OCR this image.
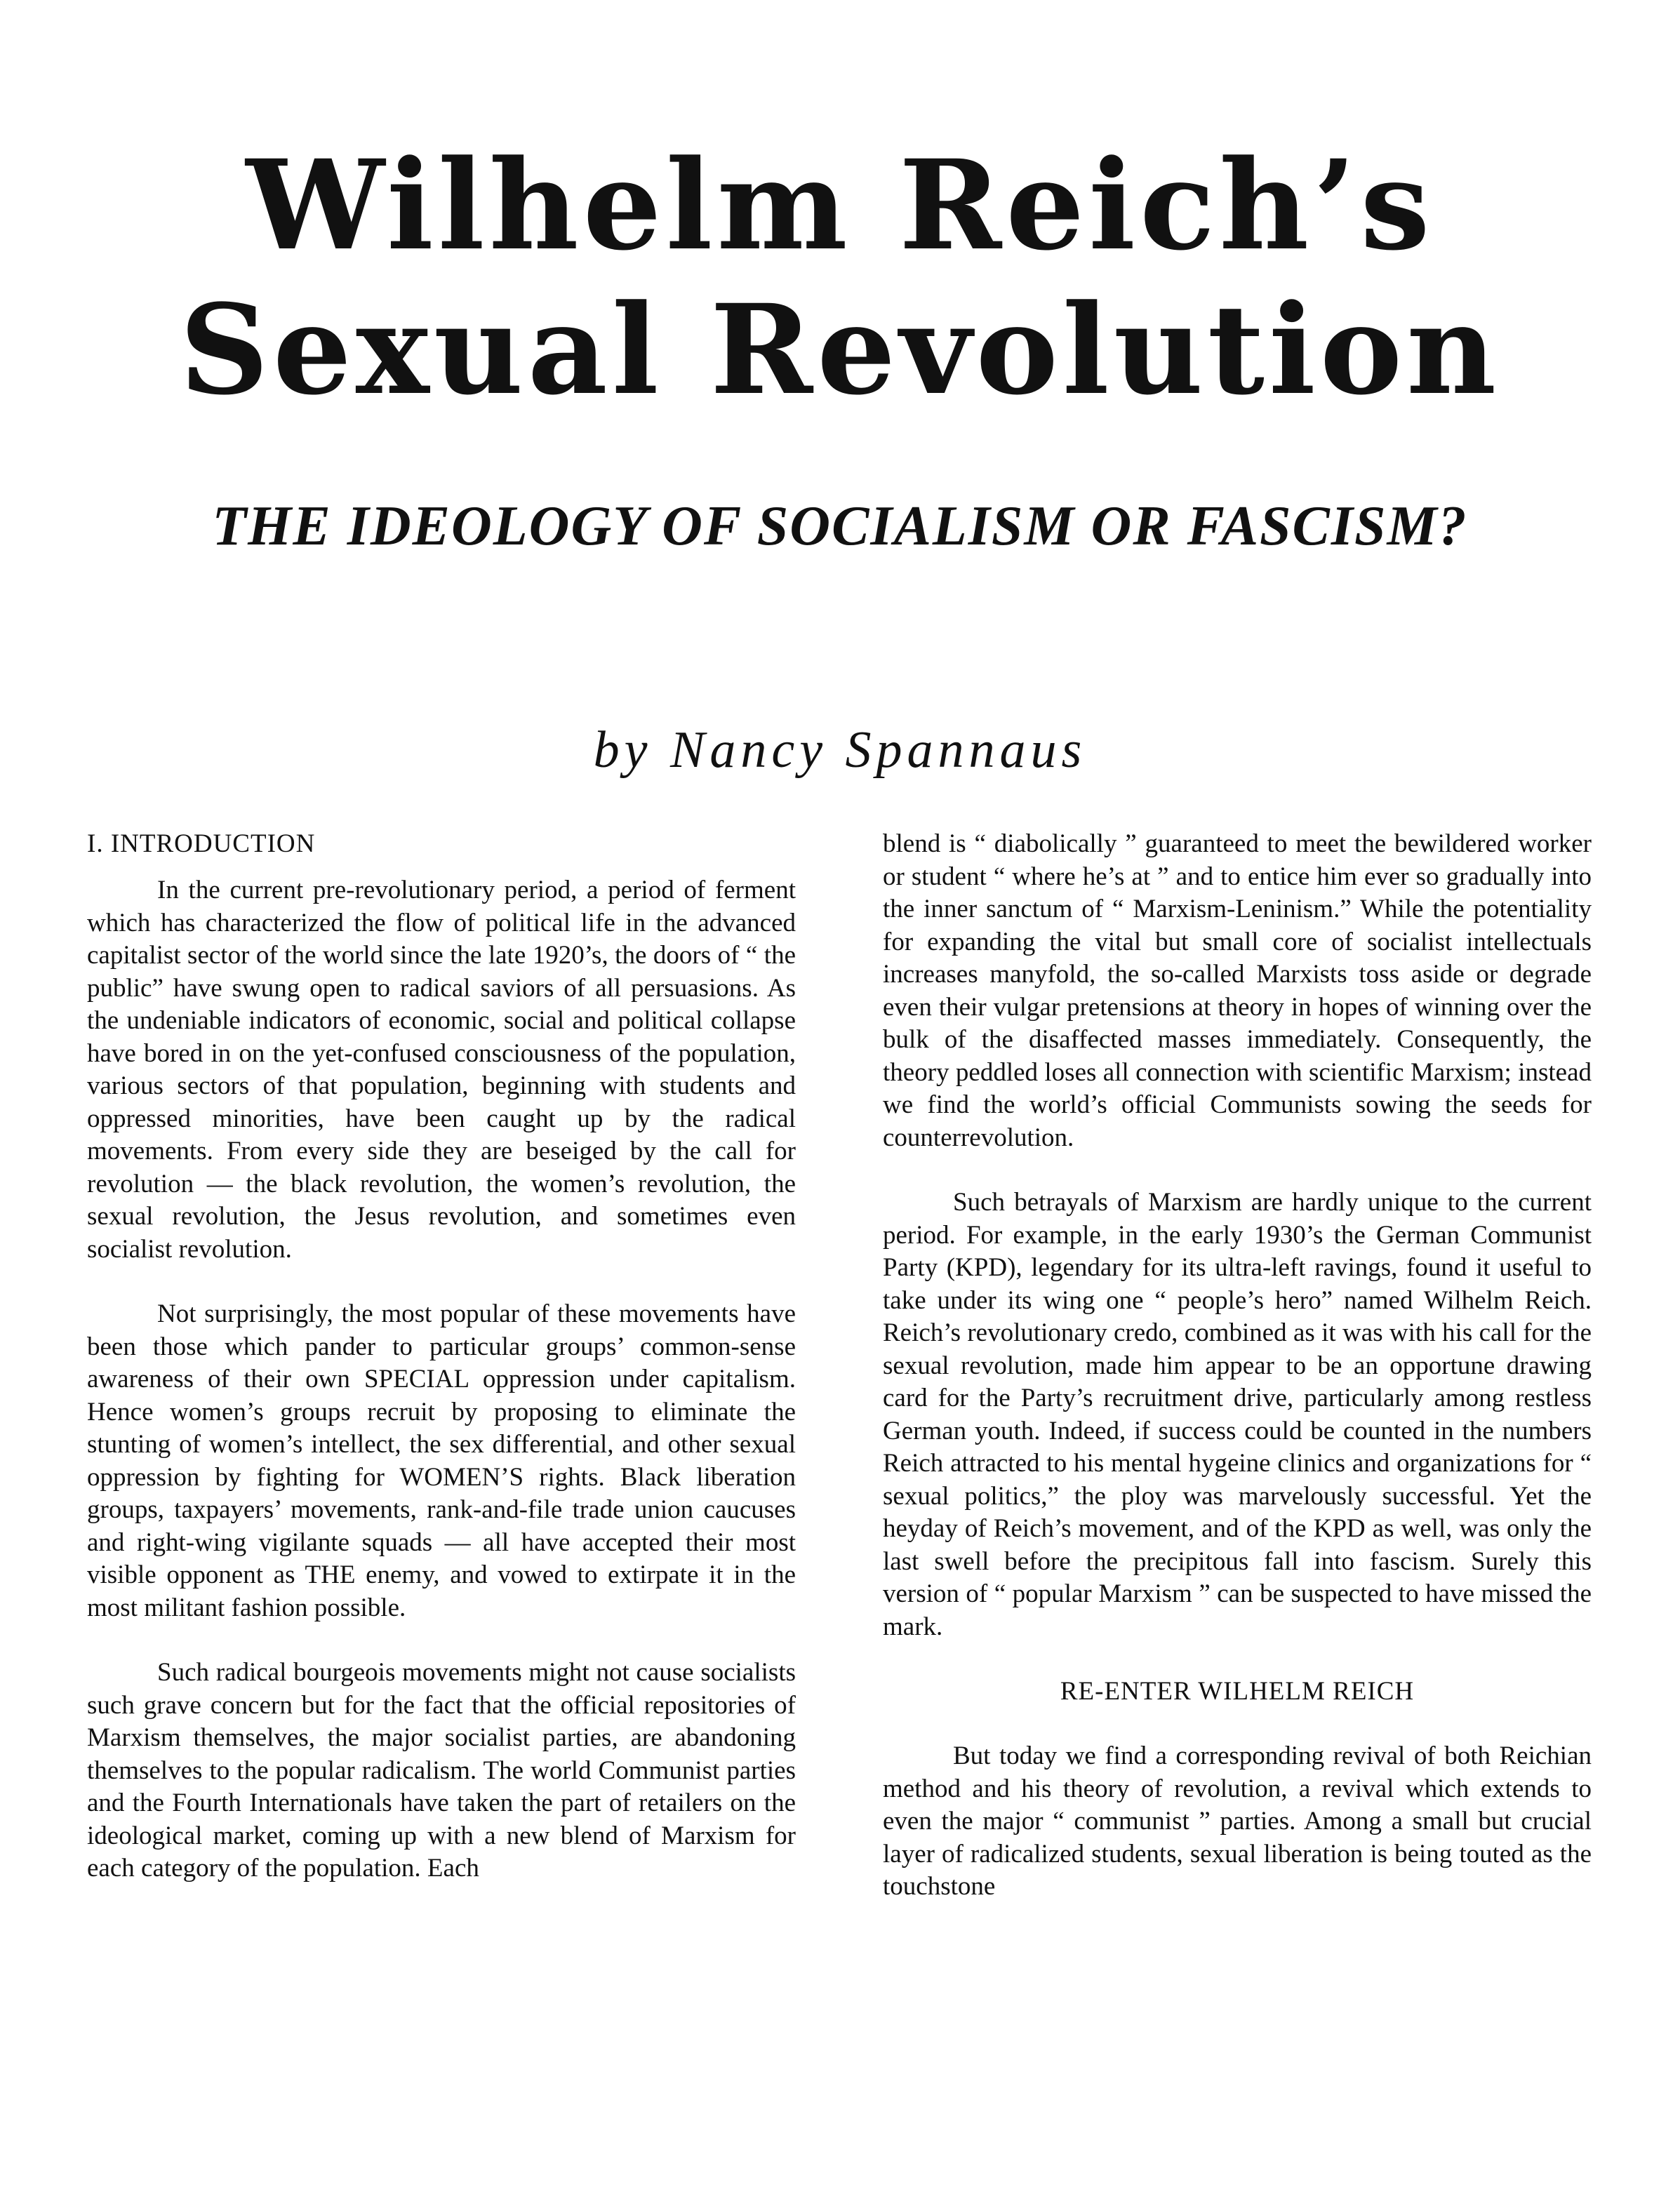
Wilhelm Reich’s
Sexual Revolution
THE IDEOLOGY OF SOCIALISM OR FASCISM?
by Nancy Spannaus
I. INTRODUCTION

In the current pre-revolutionary period, a period of ferment which has characterized the flow of political life in the advanced capitalist sector of the world since the late 1920’s, the doors of “ the public” have swung open to radical saviors of all persuasions. As the undeniable indicators of economic, social and political collapse have bored in on the yet-confused consciousness of the population, various sectors of that population, beginning with students and oppressed minorities, have been caught up by the radical movements. From every side they are beseiged by the call for revolution — the black revolution, the women’s revolution, the sexual revolution, the Jesus revolution, and sometimes even socialist revolution.

Not surprisingly, the most popular of these movements have been those which pander to particular groups’ common-sense awareness of their own SPECIAL oppression under capitalism. Hence women’s groups recruit by proposing to eliminate the stunting of women’s intellect, the sex differential, and other sexual oppression by fighting for WOMEN’S rights. Black liberation groups, taxpayers’ movements, rank-and-file trade union caucuses and right-wing vigilante squads — all have accepted their most visible opponent as THE enemy, and vowed to extirpate it in the most militant fashion possible.

Such radical bourgeois movements might not cause socialists such grave concern but for the fact that the official repositories of Marxism themselves, the major socialist parties, are abandoning themselves to the popular radicalism. The world Communist parties and the Fourth Internationals have taken the part of retailers on the ideological market, coming up with a new blend of Marxism for each category of the population. Each

blend is “ diabolically ” guaranteed to meet the bewildered worker or student “ where he’s at ” and to entice him ever so gradually into the inner sanctum of “ Marxism-Leninism.” While the potentiality for expanding the vital but small core of socialist intellectuals increases manyfold, the so-called Marxists toss aside or degrade even their vulgar pretensions at theory in hopes of winning over the bulk of the disaffected masses immediately. Consequently, the theory peddled loses all connection with scientific Marxism; instead we find the world’s official Communists sowing the seeds for counterrevolution.

Such betrayals of Marxism are hardly unique to the current period. For example, in the early 1930’s the German Communist Party (KPD), legendary for its ultra-left ravings, found it useful to take under its wing one “ people’s hero” named Wilhelm Reich. Reich’s revolutionary credo, combined as it was with his call for the sexual revolution, made him appear to be an opportune drawing card for the Party’s recruitment drive, particularly among restless German youth. Indeed, if success could be counted in the numbers Reich attracted to his mental hygeine clinics and organizations for “ sexual politics,” the ploy was marvelously successful. Yet the heyday of Reich’s movement, and of the KPD as well, was only the last swell before the precipitous fall into fascism. Surely this version of “ popular Marxism ” can be suspected to have missed the mark.

RE-ENTER WILHELM REICH

But today we find a corresponding revival of both Reichian method and his theory of revolution, a revival which extends to even the major “ communist ” parties. Among a small but crucial layer of radicalized students, sexual liberation is being touted as the touchstone
